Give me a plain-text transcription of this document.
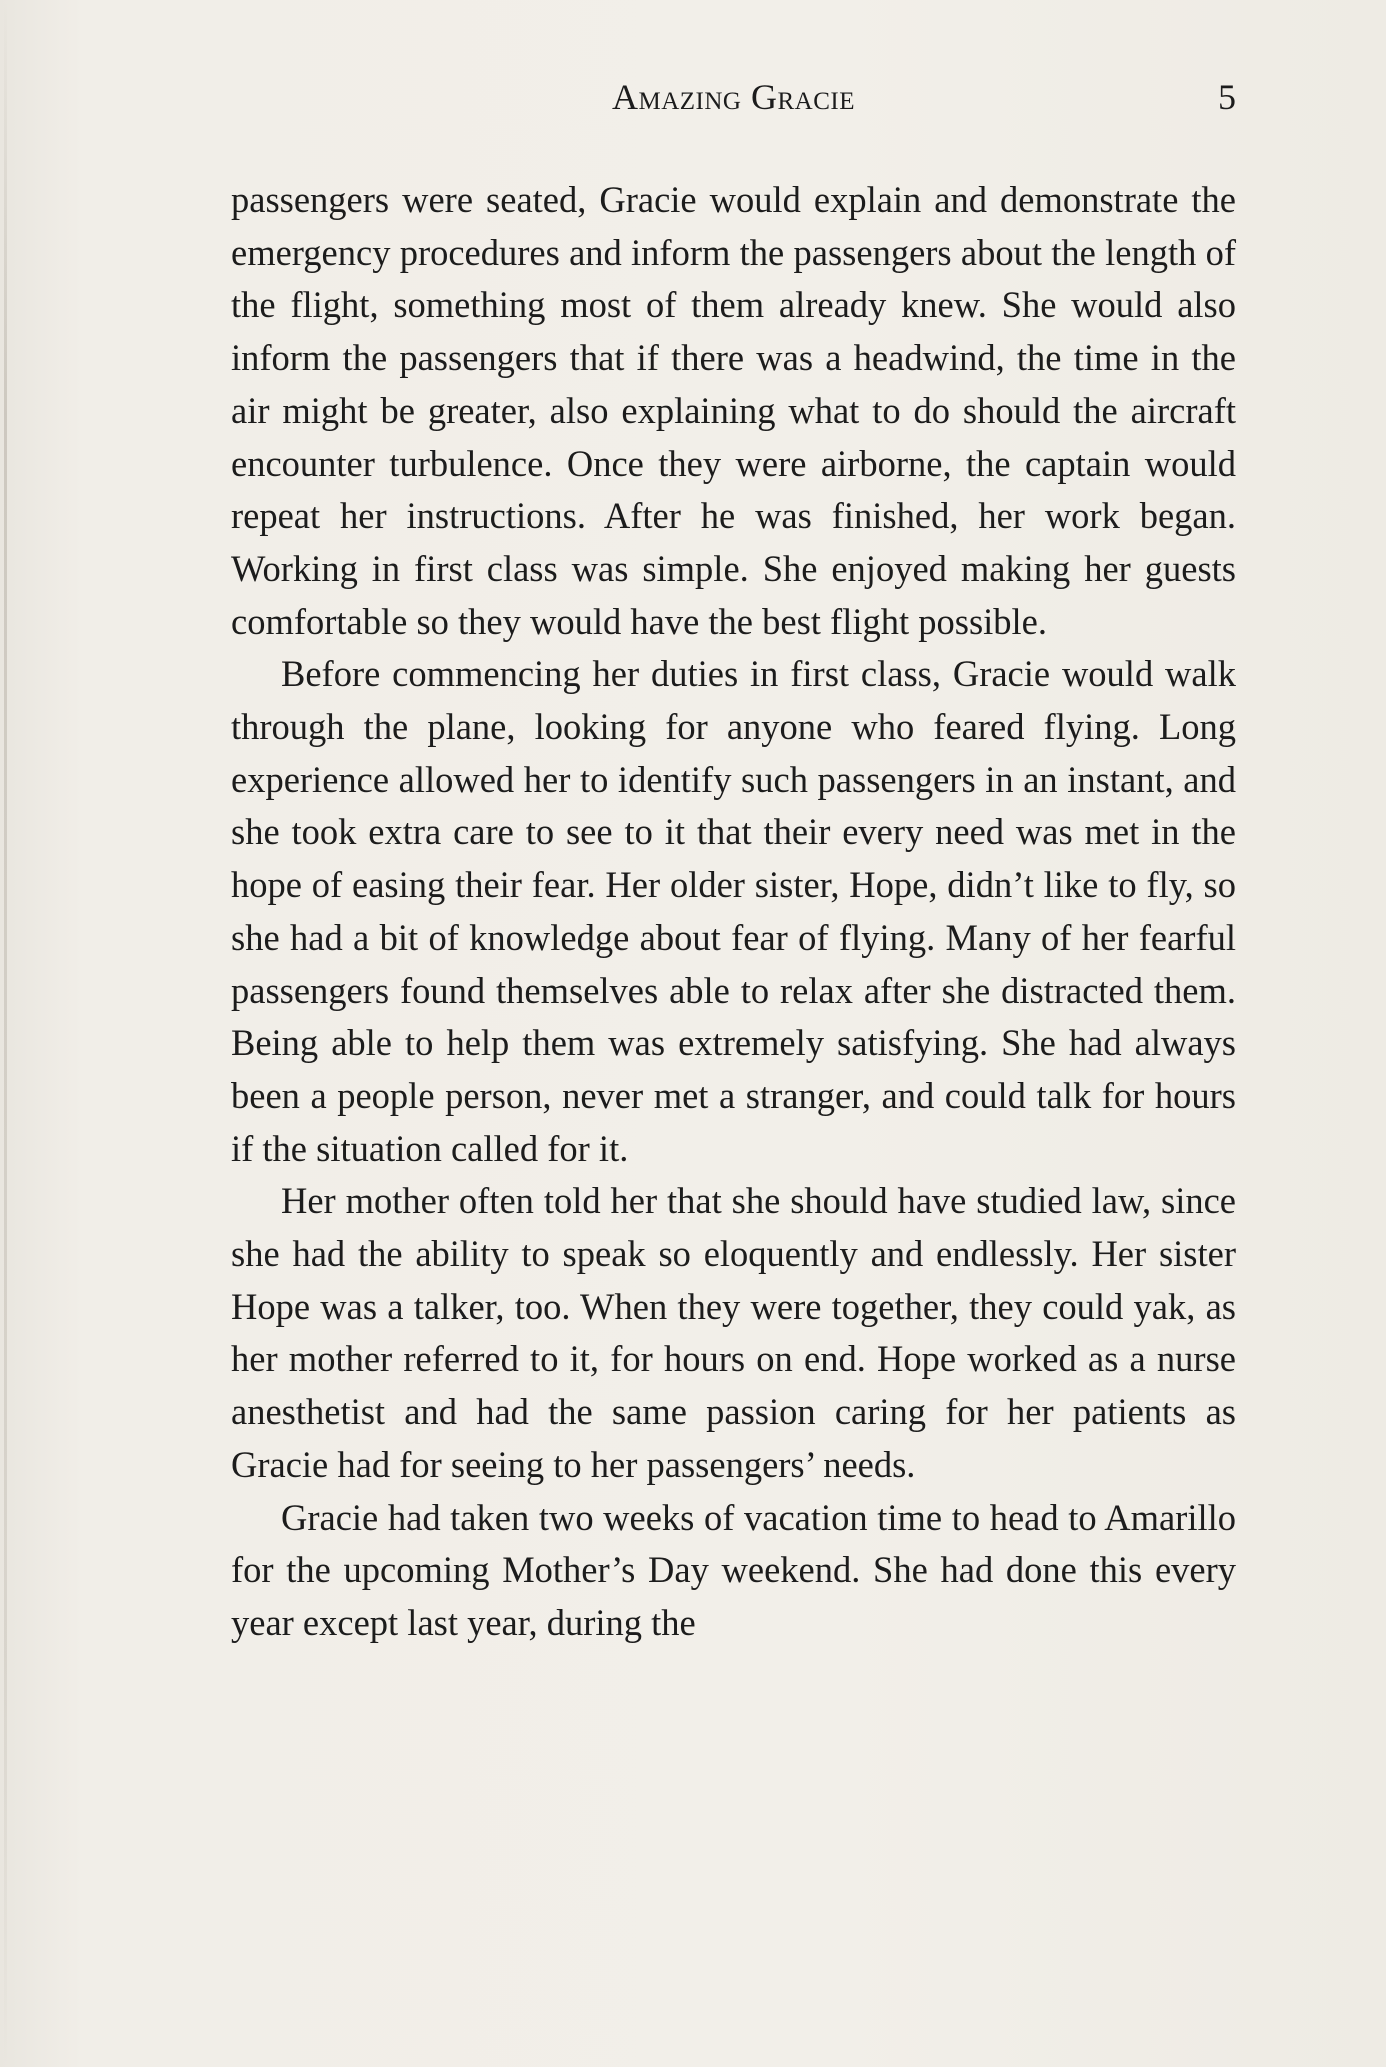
Amazing Gracie	5

passengers were seated, Gracie would explain and demonstrate the emergency procedures and inform the passengers about the length of the flight, something most of them already knew. She would also inform the passengers that if there was a headwind, the time in the air might be greater, also explaining what to do should the aircraft encounter turbulence. Once they were airborne, the captain would repeat her instructions. After he was finished, her work began. Working in first class was simple. She enjoyed making her guests comfortable so they would have the best flight possible.

Before commencing her duties in first class, Gracie would walk through the plane, looking for anyone who feared flying. Long experience allowed her to identify such passengers in an instant, and she took extra care to see to it that their every need was met in the hope of easing their fear. Her older sister, Hope, didn’t like to fly, so she had a bit of knowledge about fear of flying. Many of her fearful passengers found themselves able to relax after she distracted them. Being able to help them was extremely satisfying. She had always been a people person, never met a stranger, and could talk for hours if the situation called for it.

Her mother often told her that she should have studied law, since she had the ability to speak so eloquently and endlessly. Her sister Hope was a talker, too. When they were together, they could yak, as her mother referred to it, for hours on end. Hope worked as a nurse anesthetist and had the same passion caring for her patients as Gracie had for seeing to her passengers’ needs.

Gracie had taken two weeks of vacation time to head to Amarillo for the upcoming Mother’s Day weekend. She had done this every year except last year, during the
